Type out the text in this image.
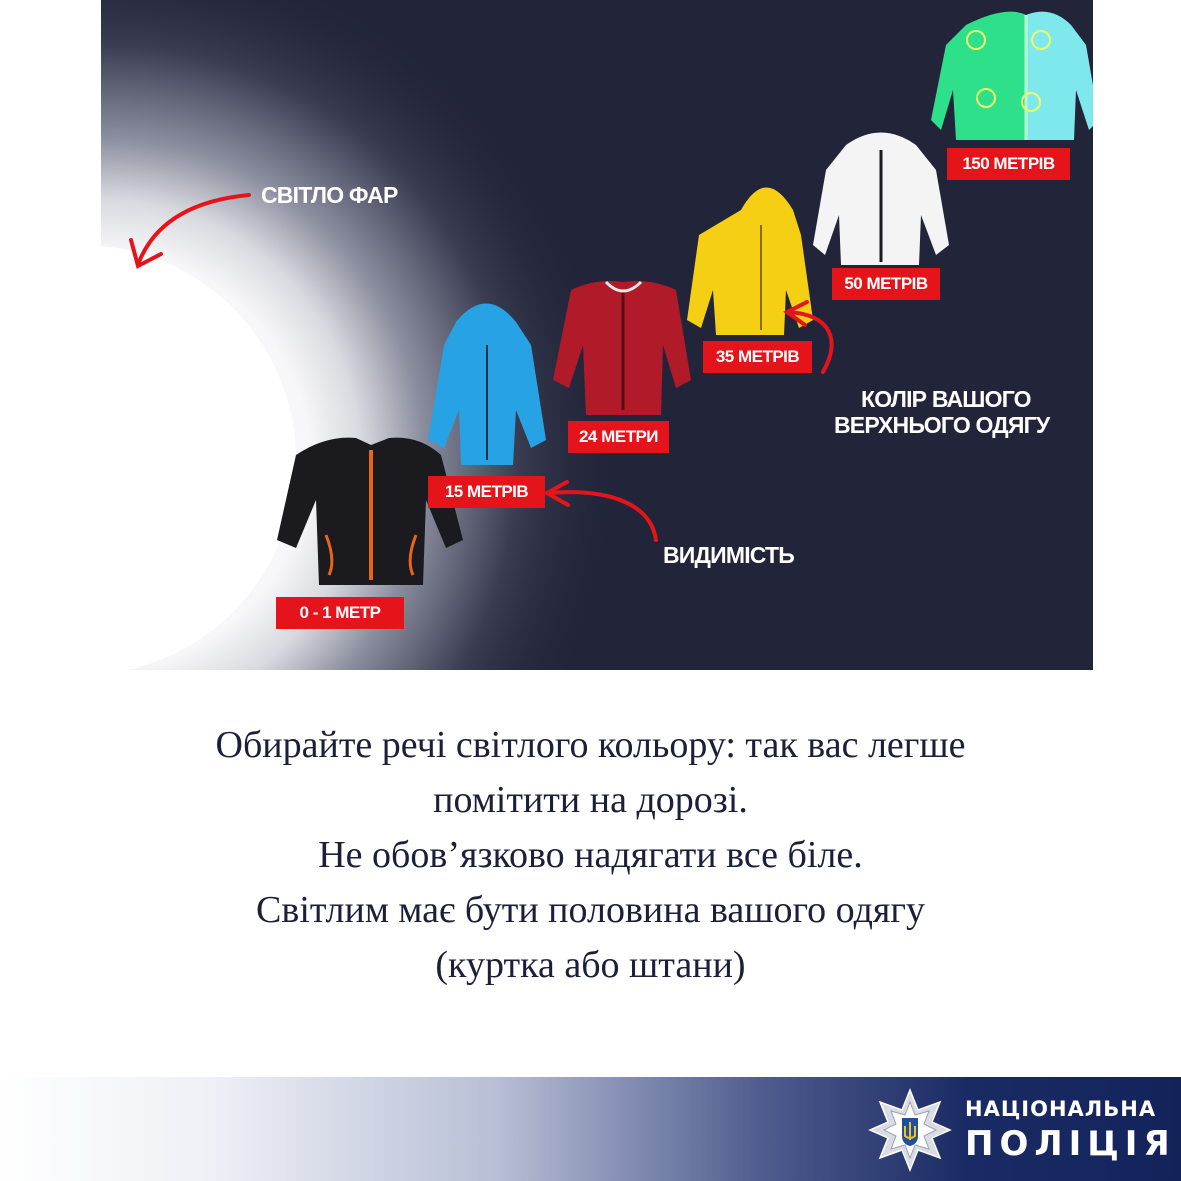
СВІТЛО ФАР
КОЛІР ВАШОГО
ВЕРХНЬОГО ОДЯГУ
ВИДИМІСТЬ
0 - 1 МЕТР
15 МЕТРІВ
24 МЕТРИ
35 МЕТРІВ
50 МЕТРІВ
150 МЕТРІВ
Обирайте речі світлого кольору: так вас легше
помітити на дорозі.
Не обов’язково надягати все біле.
Світлим має бути половина вашого одягу
(куртка або штани)
НАЦІОНАЛЬНА
ПОЛІЦІЯ
